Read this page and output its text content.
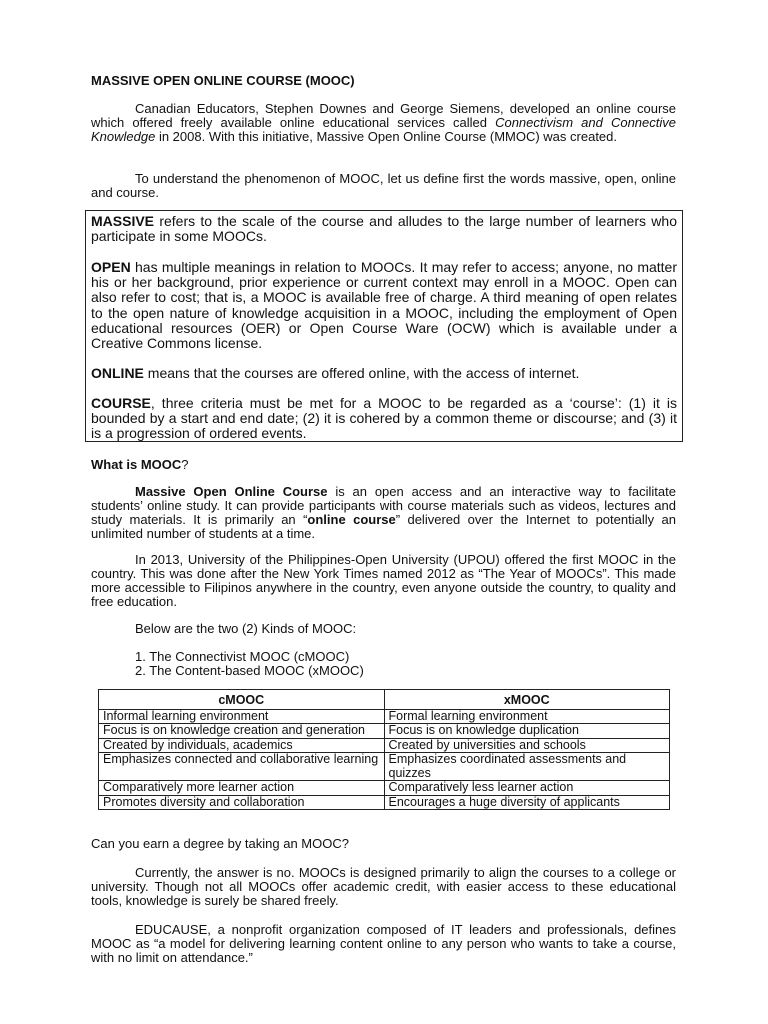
MASSIVE OPEN ONLINE COURSE (MOOC)
Canadian Educators, Stephen Downes and George Siemens, developed an online course which offered freely available online educational services called Connectivism and Connective Knowledge in 2008. With this initiative, Massive Open Online Course (MMOC) was created.
To understand the phenomenon of MOOC, let us define first the words massive, open, online and course.
MASSIVE refers to the scale of the course and alludes to the large number of learners who participate in some MOOCs.
OPEN has multiple meanings in relation to MOOCs. It may refer to access; anyone, no matter his or her background, prior experience or current context may enroll in a MOOC. Open can also refer to cost; that is, a MOOC is available free of charge. A third meaning of open relates to the open nature of knowledge acquisition in a MOOC, including the employment of Open educational resources (OER) or Open Course Ware (OCW) which is available under a Creative Commons license.
ONLINE means that the courses are offered online, with the access of internet.
COURSE, three criteria must be met for a MOOC to be regarded as a ‘course’: (1) it is bounded by a start and end date; (2) it is cohered by a common theme or discourse; and (3) it is a progression of ordered events.
What is MOOC?
Massive Open Online Course is an open access and an interactive way to facilitate students’ online study. It can provide participants with course materials such as videos, lectures and study materials. It is primarily an “online course” delivered over the Internet to potentially an unlimited number of students at a time.
In 2013, University of the Philippines-Open University (UPOU) offered the first MOOC in the country. This was done after the New York Times named 2012 as “The Year of MOOCs”. This made more accessible to Filipinos anywhere in the country, even anyone outside the country, to quality and free education.
Below are the two (2) Kinds of MOOC:
1. The Connectivist MOOC (cMOOC)
2. The Content-based MOOC (xMOOC)
cMOOC	xMOOC
Informal learning environment	Formal learning environment
Focus is on knowledge creation and generation	Focus is on knowledge duplication
Created by individuals, academics	Created by universities and schools
Emphasizes connected and collaborative learning	Emphasizes coordinated assessments and quizzes
Comparatively more learner action	Comparatively less learner action
Promotes diversity and collaboration	Encourages a huge diversity of applicants
Can you earn a degree by taking an MOOC?
Currently, the answer is no. MOOCs is designed primarily to align the courses to a college or university. Though not all MOOCs offer academic credit, with easier access to these educational tools, knowledge is surely be shared freely.
EDUCAUSE, a nonprofit organization composed of IT leaders and professionals, defines MOOC as “a model for delivering learning content online to any person who wants to take a course, with no limit on attendance.”
